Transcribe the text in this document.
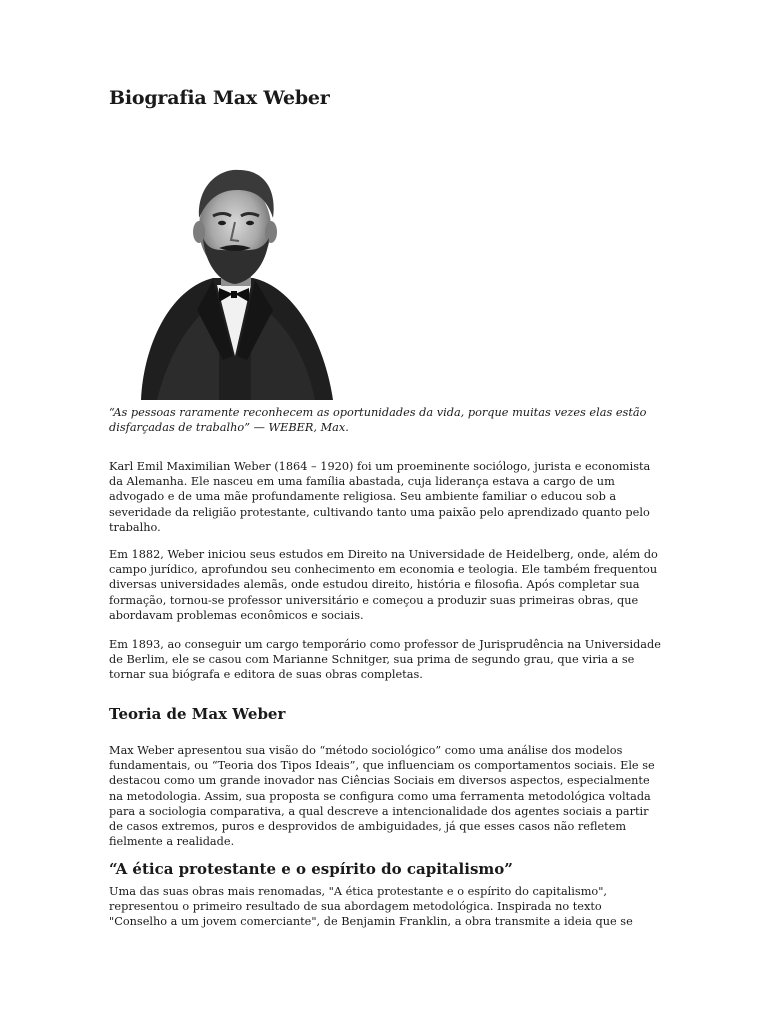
Biografia Max Weber

“As pessoas raramente reconhecem as oportunidades da vida, porque muitas vezes elas estão disfarçadas de trabalho” — WEBER, Max.

Karl Emil Maximilian Weber (1864 – 1920) foi um proeminente sociólogo, jurista e economista da Alemanha. Ele nasceu em uma família abastada, cuja liderança estava a cargo de um advogado e de uma mãe profundamente religiosa. Seu ambiente familiar o educou sob a severidade da religião protestante, cultivando tanto uma paixão pelo aprendizado quanto pelo trabalho.

Em 1882, Weber iniciou seus estudos em Direito na Universidade de Heidelberg, onde, além do campo jurídico, aprofundou seu conhecimento em economia e teologia. Ele também frequentou diversas universidades alemãs, onde estudou direito, história e filosofia. Após completar sua formação, tornou-se professor universitário e começou a produzir suas primeiras obras, que abordavam problemas econômicos e sociais.

Em 1893, ao conseguir um cargo temporário como professor de Jurisprudência na Universidade de Berlim, ele se casou com Marianne Schnitger, sua prima de segundo grau, que viria a se tornar sua biógrafa e editora de suas obras completas.

Teoria de Max Weber

Max Weber apresentou sua visão do “método sociológico” como uma análise dos modelos fundamentais, ou “Teoria dos Tipos Ideais”, que influenciam os comportamentos sociais. Ele se destacou como um grande inovador nas Ciências Sociais em diversos aspectos, especialmente na metodologia. Assim, sua proposta se configura como uma ferramenta metodológica voltada para a sociologia comparativa, a qual descreve a intencionalidade dos agentes sociais a partir de casos extremos, puros e desprovidos de ambiguidades, já que esses casos não refletem fielmente a realidade.

“A ética protestante e o espírito do capitalismo”

Uma das suas obras mais renomadas, "A ética protestante e o espírito do capitalismo", representou o primeiro resultado de sua abordagem metodológica. Inspirada no texto "Conselho a um jovem comerciante", de Benjamin Franklin, a obra transmite a ideia que se
